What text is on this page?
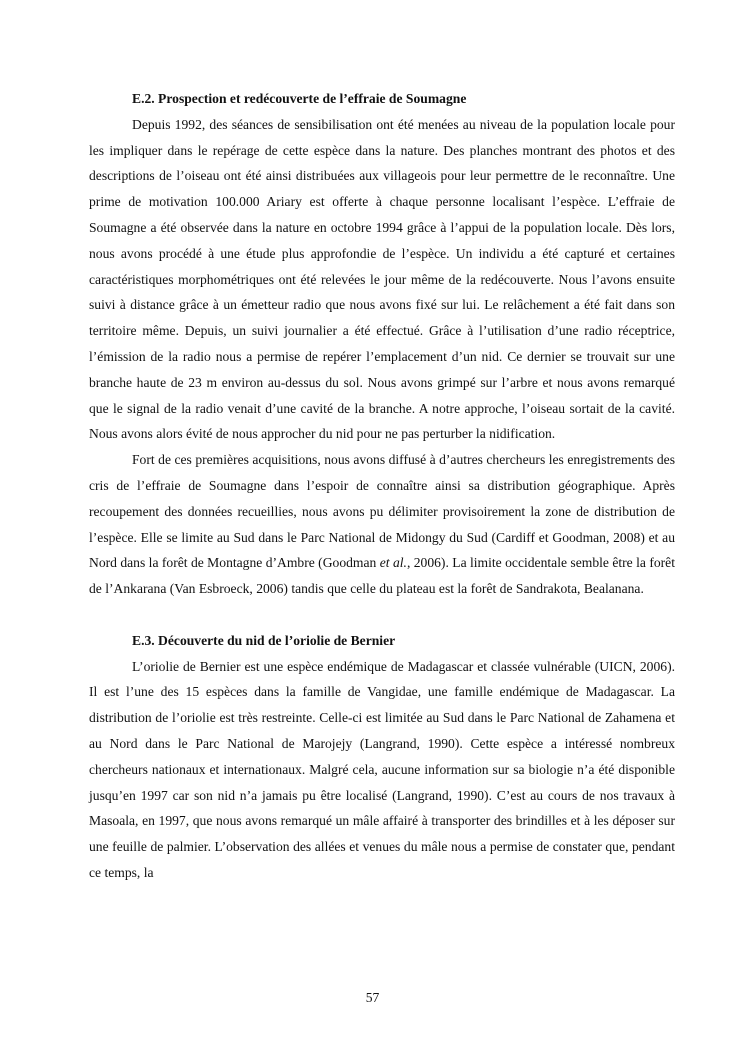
E.2. Prospection et redécouverte de l’effraie de Soumagne

Depuis 1992, des séances de sensibilisation ont été menées au niveau de la population locale pour les impliquer dans le repérage de cette espèce dans la nature. Des planches montrant des photos et des descriptions de l’oiseau ont été ainsi distribuées aux villageois pour leur permettre de le reconnaître. Une prime de motivation 100.000 Ariary est offerte à chaque personne localisant l’espèce. L’effraie de Soumagne a été observée dans la nature en octobre 1994 grâce à l’appui de la population locale. Dès lors, nous avons procédé à une étude plus approfondie de l’espèce. Un individu a été capturé et certaines caractéristiques morphométriques ont été relevées le jour même de la redécouverte. Nous l’avons ensuite suivi à distance grâce à un émetteur radio que nous avons fixé sur lui. Le relâchement a été fait dans son territoire même. Depuis, un suivi journalier a été effectué. Grâce à l’utilisation d’une radio réceptrice, l’émission de la radio nous a permise de repérer l’emplacement d’un nid. Ce dernier se trouvait sur une branche haute de 23 m environ au-dessus du sol. Nous avons grimpé sur l’arbre et nous avons remarqué que le signal de la radio venait d’une cavité de la branche. A notre approche, l’oiseau sortait de la cavité. Nous avons alors évité de nous approcher du nid pour ne pas perturber la nidification.

Fort de ces premières acquisitions, nous avons diffusé à d’autres chercheurs les enregistrements des cris de l’effraie de Soumagne dans l’espoir de connaître ainsi sa distribution géographique. Après recoupement des données recueillies, nous avons pu délimiter provisoirement la zone de distribution de l’espèce. Elle se limite au Sud dans le Parc National de Midongy du Sud (Cardiff et Goodman, 2008) et au Nord dans la forêt de Montagne d’Ambre (Goodman et al., 2006). La limite occidentale semble être la forêt de l’Ankarana (Van Esbroeck, 2006) tandis que celle du plateau est la forêt de Sandrakota, Bealanana.

E.3. Découverte du nid de l’oriolie de Bernier

L’oriolie de Bernier est une espèce endémique de Madagascar et classée vulnérable (UICN, 2006). Il est l’une des 15 espèces dans la famille de Vangidae, une famille endémique de Madagascar. La distribution de l’oriolie est très restreinte. Celle-ci est limitée au Sud dans le Parc National de Zahamena et au Nord dans le Parc National de Marojejy (Langrand, 1990). Cette espèce a intéressé nombreux chercheurs nationaux et internationaux. Malgré cela, aucune information sur sa biologie n’a été disponible jusqu’en 1997 car son nid n’a jamais pu être localisé (Langrand, 1990). C’est au cours de nos travaux à Masoala, en 1997, que nous avons remarqué un mâle affairé à transporter des brindilles et à les déposer sur une feuille de palmier. L’observation des allées et venues du mâle nous a permise de constater que, pendant ce temps, la

57
